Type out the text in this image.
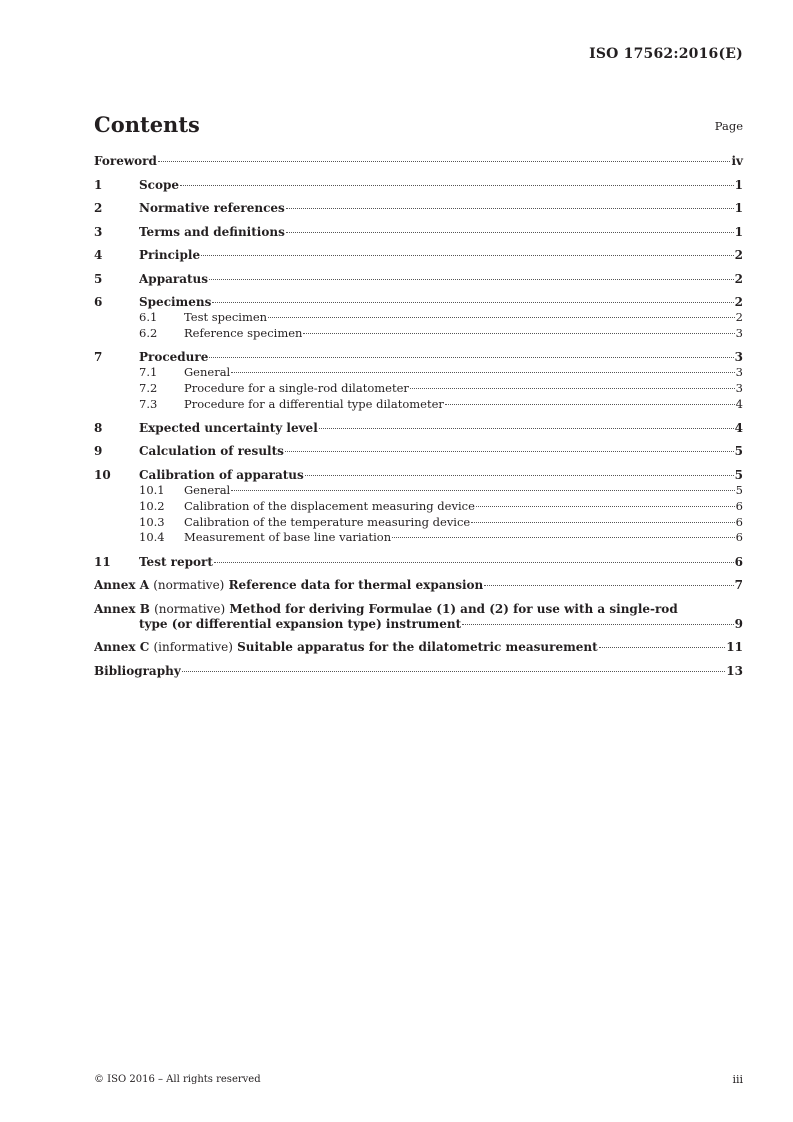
ISO 17562:2016(E)
Contents	Page
Foreword	iv
1	Scope	1
2	Normative references	1
3	Terms and definitions	1
4	Principle	2
5	Apparatus	2
6	Specimens	2
6.1	Test specimen	2
6.2	Reference specimen	3
7	Procedure	3
7.1	General	3
7.2	Procedure for a single-rod dilatometer	3
7.3	Procedure for a differential type dilatometer	4
8	Expected uncertainty level	4
9	Calculation of results	5
10	Calibration of apparatus	5
10.1	General	5
10.2	Calibration of the displacement measuring device	6
10.3	Calibration of the temperature measuring device	6
10.4	Measurement of base line variation	6
11	Test report	6
Annex A (normative) Reference data for thermal expansion	7
Annex B (normative) Method for deriving Formulae (1) and (2) for use with a single-rod
type (or differential expansion type) instrument	9
Annex C (informative) Suitable apparatus for the dilatometric measurement	11
Bibliography	13
© ISO 2016 – All rights reserved	iii
